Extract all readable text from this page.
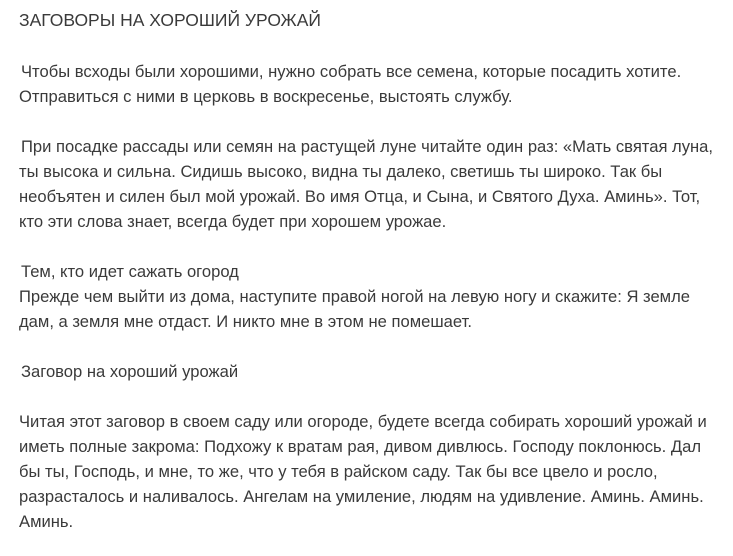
ЗАГОВОРЫ НА ХОРОШИЙ УРОЖАЙ

Чтобы всходы были хорошими, нужно собрать все семена, которые посадить хотите.

Отправиться с ними в церковь в воскресенье, выстоять службу.

При посадке рассады или семян на растущей луне читайте один раз: «Мать святая луна,

ты высока и сильна. Сидишь высоко, видна ты далеко, светишь ты широко. Так бы

необъятен и силен был мой урожай. Во имя Отца, и Сына, и Святого Духа. Аминь». Тот,

кто эти слова знает, всегда будет при хорошем урожае.

Тем, кто идет сажать огород

Прежде чем выйти из дома, наступите правой ногой на левую ногу и скажите: Я земле

дам, а земля мне отдаст. И никто мне в этом не помешает.

Заговор на хороший урожай

Читая этот заговор в своем саду или огороде, будете всегда собирать хороший урожай и

иметь полные закрома: Подхожу к вратам рая, дивом дивлюсь. Господу поклонюсь. Дал

бы ты, Господь, и мне, то же, что у тебя в райском саду. Так бы все цвело и росло,

разрасталось и наливалось. Ангелам на умиление, людям на удивление. Аминь. Аминь.

Аминь.
